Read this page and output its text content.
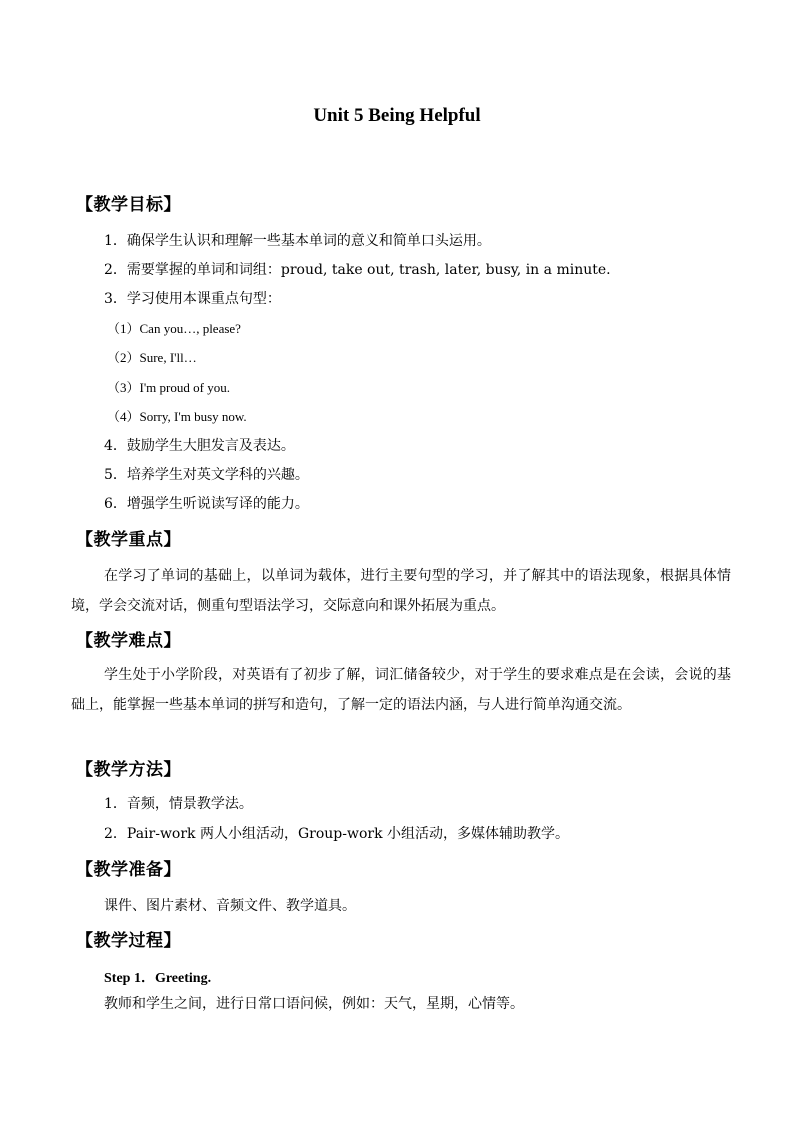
Unit 5 Being Helpful
【教学目标】
1．确保学生认识和理解一些基本单词的意义和简单口头运用。
2．需要掌握的单词和词组：proud, take out, trash, later, busy, in a minute.
3．学习使用本课重点句型：
（1）Can you…, please?
（2）Sure, I'll…
（3）I'm proud of you.
（4）Sorry, I'm busy now.
4．鼓励学生大胆发言及表达。
5．培养学生对英文学科的兴趣。
6．增强学生听说读写译的能力。
【教学重点】
在学习了单词的基础上，以单词为载体，进行主要句型的学习，并了解其中的语法现象，根据具体情境，学会交流对话，侧重句型语法学习，交际意向和课外拓展为重点。
【教学难点】
学生处于小学阶段，对英语有了初步了解，词汇储备较少，对于学生的要求难点是在会读，会说的基础上，能掌握一些基本单词的拼写和造句，了解一定的语法内涵，与人进行简单沟通交流。
【教学方法】
1．音频，情景教学法。
2．Pair-work 两人小组活动，Group-work 小组活动，多媒体辅助教学。
【教学准备】
课件、图片素材、音频文件、教学道具。
【教学过程】
Step 1．Greeting.
教师和学生之间，进行日常口语问候，例如：天气，星期，心情等。
